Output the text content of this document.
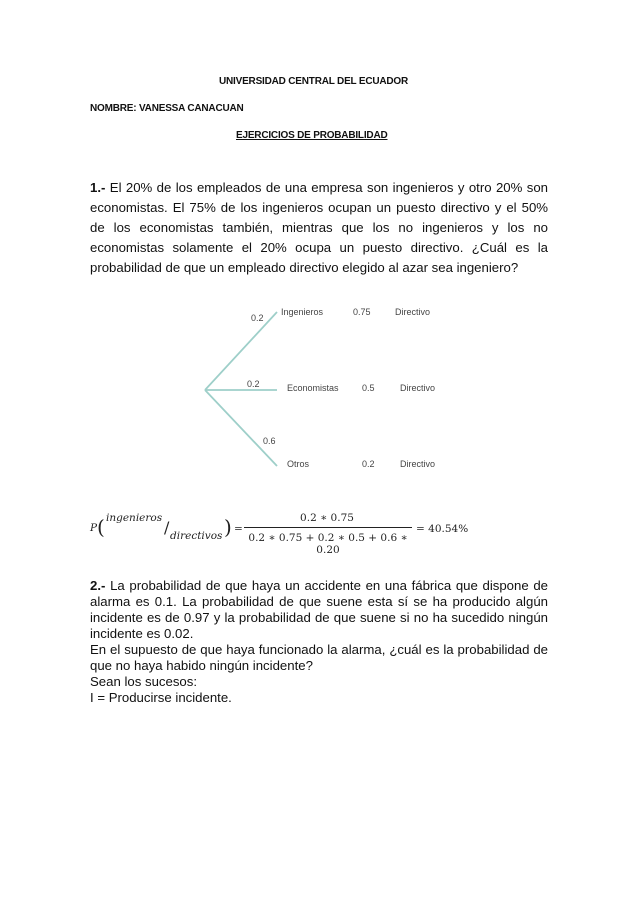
UNIVERSIDAD CENTRAL DEL ECUADOR
NOMBRE: VANESSA CANACUAN
EJERCICIOS DE PROBABILIDAD
1.- El 20% de los empleados de una empresa son ingenieros y otro 20% son economistas. El 75% de los ingenieros ocupan un puesto directivo y el 50% de los economistas también, mientras que los no ingenieros y los no economistas solamente el 20% ocupa un puesto directivo. ¿Cuál es la probabilidad de que un empleado directivo elegido al azar sea ingeniero?
0.2
Ingenieros	0.75	Directivo
0.2	Economistas	0.5	Directivo
0.6
Otros	0.2	Directivo
P ( ingenieros / directivos ) =
0.2 ∗ 0.75
0.2 ∗ 0.75 + 0.2 ∗ 0.5 + 0.6 ∗ 0.20
= 40.54%
2.- La probabilidad de que haya un accidente en una fábrica que dispone de alarma es 0.1. La probabilidad de que suene esta sí se ha producido algún incidente es de 0.97 y la probabilidad de que suene si no ha sucedido ningún incidente es 0.02.
En el supuesto de que haya funcionado la alarma, ¿cuál es la probabilidad de que no haya habido ningún incidente?
Sean los sucesos:
I = Producirse incidente.
